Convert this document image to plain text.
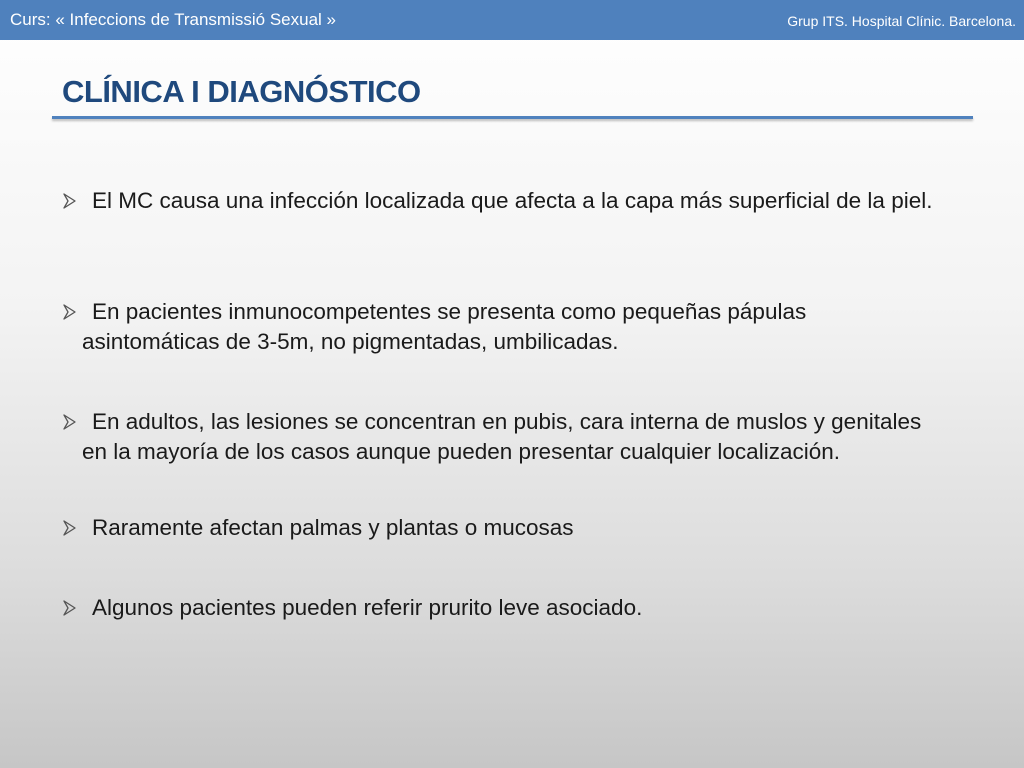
Curs: « Infeccions de Transmissió Sexual »	Grup ITS. Hospital Clínic. Barcelona.
CLÍNICA I DIAGNÓSTICO
El MC causa una infección localizada que afecta a la capa más superficial de la piel.
En pacientes inmunocompetentes se presenta como pequeñas pápulas asintomáticas de 3-5m, no pigmentadas, umbilicadas.
En adultos, las lesiones se concentran en pubis, cara interna de muslos y genitales en la mayoría de los casos aunque pueden presentar cualquier localización.
Raramente afectan palmas y plantas o mucosas
Algunos pacientes pueden referir prurito leve asociado.
